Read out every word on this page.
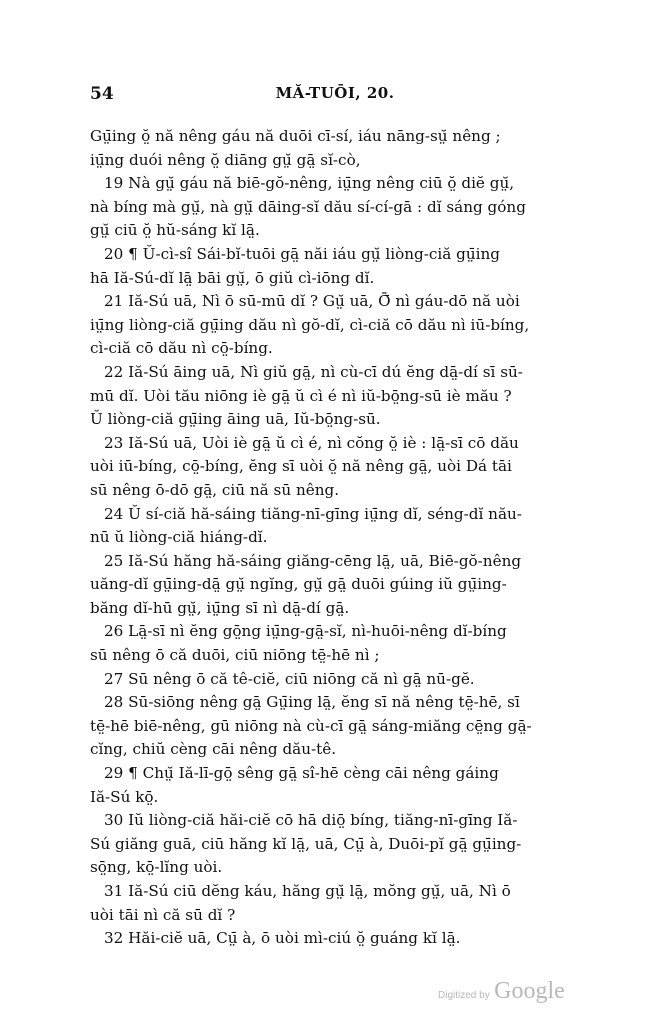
54	MĂ-TUŌI, 20.
Gṳ̄ing ŏ̤ nă nêng gáu nă duōi cī-sí, iáu nāng-sṳ̆ nêng ;
iṳ̄ng duói nêng ŏ̤ diāng gṳ̆ gā̤ sĭ-cò,
19 Nà gṳ̆ gáu nă biē-gŏ-nêng, iṳ̄ng nêng ciū ŏ̤ diĕ gṳ̆,
nà bíng mà gṳ̆, nà gṳ̆ dāing-sĭ dău sí-cí-gā : dĭ sáng góng
gṳ̆ ciū ŏ̤ hŭ-sáng kĭ lā̤.
20 ¶ Ŭ-cì-sî Sái-bĭ-tuōi gā̤ năi iáu gṳ̆ liòng-ciă gṳ̄ing
hā Iă-Sú-dĭ lā̤ bāi gṳ̆, ō giŭ cì-iōng dĭ.
21 Iă-Sú uā, Nì ō sū-mū dĭ ? Gṳ̆ uā, Ō̄ nì gáu-dō nă uòi
iṳ̄ng liòng-ciă gṳ̄ing dău nì gŏ-dĭ, cì-ciă cō dău nì iū-bíng,
cì-ciă cō dău nì cō̤-bíng.
22 Iă-Sú āing uā, Nì giŭ gā̤, nì cù-cī dú ĕng dā̤-dí sī sū-
mū dĭ. Uòi tău niōng iè gā̤ ŭ cì é nì iŭ-bō̤ng-sū iè mău ?
Ŭ liòng-ciă gṳ̄ing āing uā, Iŭ-bō̤ng-sū.
23 Iă-Sú uā, Uòi iè gā̤ ŭ cì é, nì cŏng ŏ̤ iè : lā̤-sī cō dău
uòi iū-bíng, cō̤-bíng, ĕng sī uòi ŏ̤ nă nêng gā̤, uòi Dá tāi
sū nêng ō-dō gā̤, ciū nă sū nêng.
24 Ŭ sí-ciă hă-sáing tiăng-nī-gīng iṳ̄ng dĭ, séng-dĭ nău-
nū ŭ liòng-ciă hiáng-dĭ.
25 Iă-Sú hăng hă-sáing giăng-cēng lā̤, uā, Biē-gŏ-nêng
uăng-dĭ gṳ̄ing-dā̤ gṳ̆ ngĭng, gṳ̆ gā̤ duōi gúing iŭ gṳ̄ing-
băng dĭ-hū gṳ̆, iṳ̄ng sī nì dā̤-dí gā̤.
26 Lā̤-sī nì ĕng gō̤ng iṳ̄ng-gā̤-sĭ, nì-huōi-nêng dĭ-bíng
sū nêng ō că duōi, ciū niōng tē̤-hē nì ;
27 Sū nêng ō că tê-ciĕ, ciū niōng că nì gā̤ nū-gĕ.
28 Sū-siōng nêng gā̤ Gṳ̄ing lā̤, ĕng sī nă nêng tē̤-hē, sī
tē̤-hē biē-nêng, gū niōng nà cù-cī gā̤ sáng-miăng cē̤ng gā̤-
cĭng, chiŭ cèng cāi nêng dău-tê.
29 ¶ Chṳ̆ Iă-lī-gō̤ sêng gā̤ sî-hē cèng cāi nêng gáing
Iă-Sú kō̤.
30 Iŭ liòng-ciă hăi-ciĕ cō hā diō̤ bíng, tiăng-nī-gīng Iă-
Sú giăng guā, ciū hăng kĭ lā̤, uā, Cṳ̄ à, Duōi-pĭ gā̤ gṳ̄ing-
sō̤ng, kō̤-lĭng uòi.
31 Iă-Sú ciū dĕng káu, hăng gṳ̆ lā̤, mŏng gṳ̆, uā, Nì ō
uòi tāi nì că sū dĭ ?
32 Hăi-ciĕ uā, Cṳ̄ à, ō uòi mì-ciú ŏ̤ guáng kĭ lā̤.
Digitized by Google
